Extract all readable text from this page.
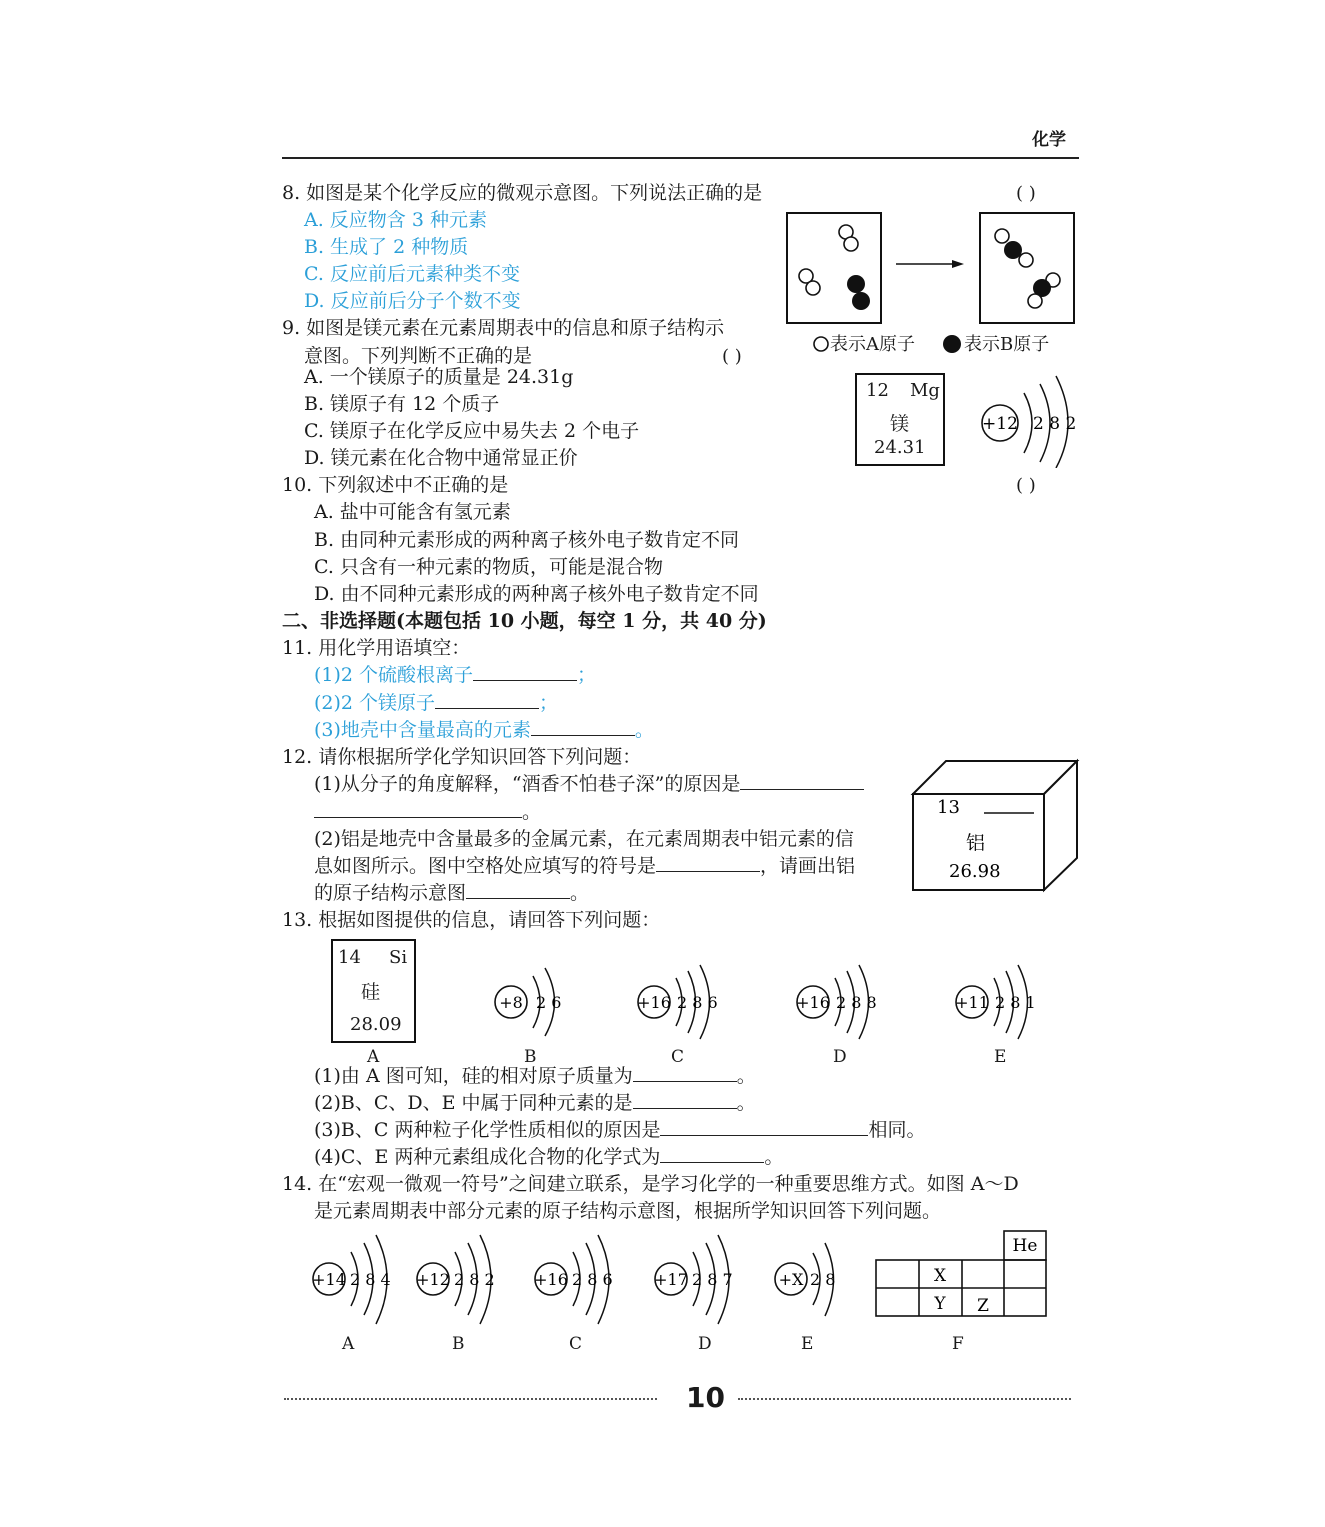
化学
8. 如图是某个化学反应的微观示意图。下列说法正确的是	( )
A. 反应物含 3 种元素
B. 生成了 2 种物质
C. 反应前后元素种类不变
D. 反应前后分子个数不变
表示A原子	表示B原子
9. 如图是镁元素在元素周期表中的信息和原子结构示
意图。下列判断不正确的是	( )
A. 一个镁原子的质量是 24.31g
B. 镁原子有 12 个质子
C. 镁原子在化学反应中易失去 2 个电子
D. 镁元素在化合物中通常显正价
12 Mg
镁
24.31
+12 2 8 2
10. 下列叙述中不正确的是	( )
A. 盐中可能含有氢元素
B. 由同种元素形成的两种离子核外电子数肯定不同
C. 只含有一种元素的物质，可能是混合物
D. 由不同种元素形成的两种离子核外电子数肯定不同
二、非选择题(本题包括 10 小题，每空 1 分，共 40 分)
11. 用化学用语填空：
(1)2 个硫酸根离子	；
(2)2 个镁原子	；
(3)地壳中含量最高的元素	。
12. 请你根据所学化学知识回答下列问题：
(1)从分子的角度解释，“酒香不怕巷子深”的原因是
。
(2)铝是地壳中含量最多的金属元素，在元素周期表中铝元素的信
息如图所示。图中空格处应填写的符号是	，请画出铝
的原子结构示意图	。
13
铝
26.98
13. 根据如图提供的信息，请回答下列问题：
14 Si
硅
28.09
+8 2 6	+16 2 8 6	+16 2 8 8	+11 2 8 1
A	B	C	D	E
(1)由 A 图可知，硅的相对原子质量为	。
(2)B、C、D、E 中属于同种元素的是	。
(3)B、C 两种粒子化学性质相似的原因是	相同。
(4)C、E 两种元素组成化合物的化学式为	。
14. 在“宏观一微观一符号”之间建立联系，是学习化学的一种重要思维方式。如图 A～D
是元素周期表中部分元素的原子结构示意图，根据所学知识回答下列问题。
+14 2 8 4 +12 2 8 2 +16 2 8 6	+17 2 8 7	+X 2 8
He
X
Y Z
A	B	C	D	E	F
10
